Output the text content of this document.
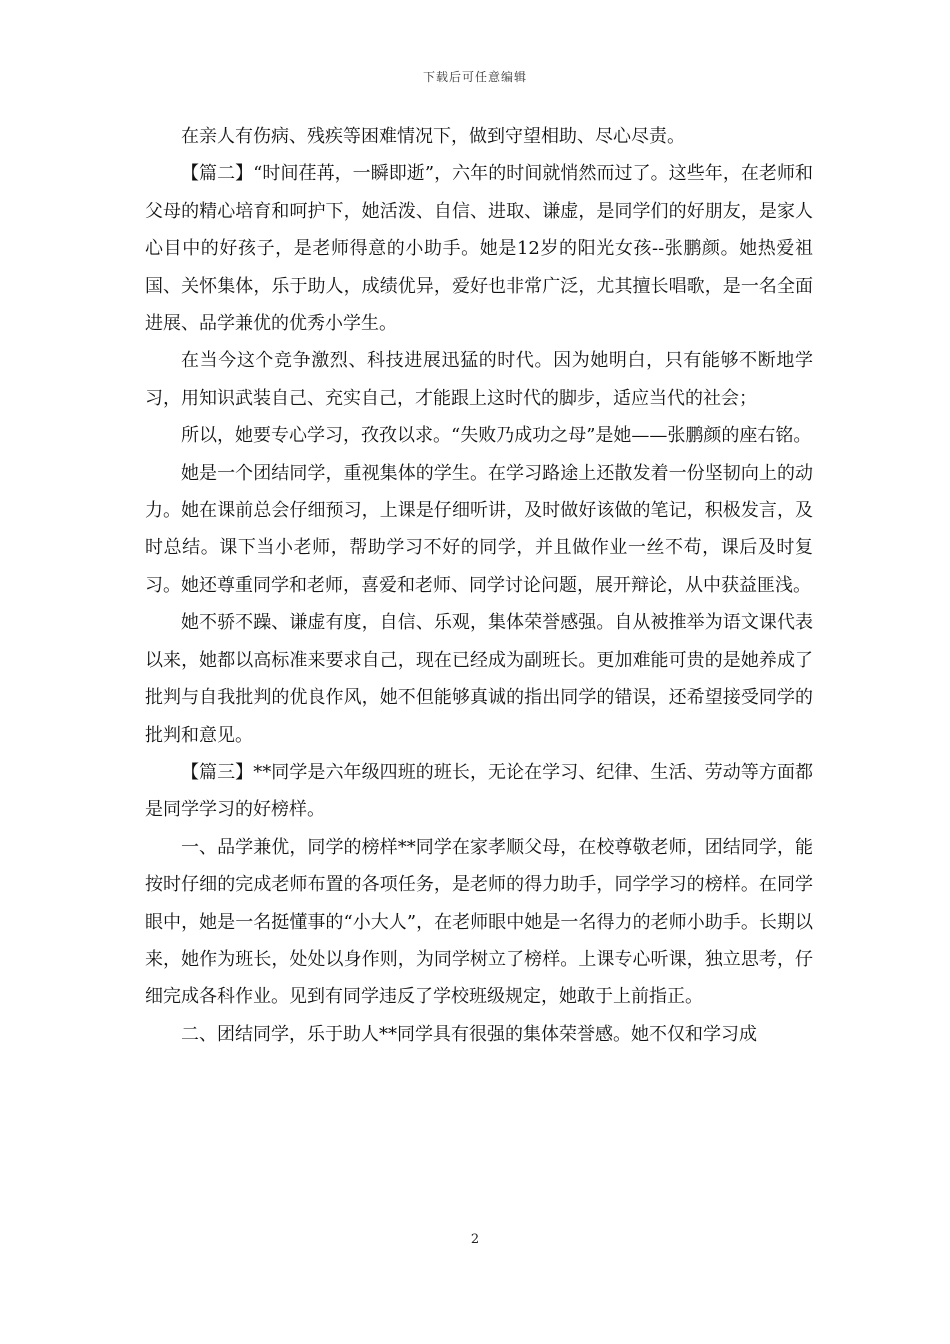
下载后可任意编辑

在亲人有伤病、残疾等困难情况下，做到守望相助、尽心尽责。

【篇二】“时间荏苒，一瞬即逝”，六年的时间就悄然而过了。这些年，在老师和父母的精心培育和呵护下，她活泼、自信、进取、谦虚，是同学们的好朋友，是家人心目中的好孩子，是老师得意的小助手。她是12岁的阳光女孩--张鹏颜。她热爱祖国、关怀集体，乐于助人，成绩优异，爱好也非常广泛，尤其擅长唱歌，是一名全面进展、品学兼优的优秀小学生。

在当今这个竞争激烈、科技进展迅猛的时代。因为她明白，只有能够不断地学习，用知识武装自己、充实自己，才能跟上这时代的脚步，适应当代的社会；

所以，她要专心学习，孜孜以求。“失败乃成功之母”是她——张鹏颜的座右铭。

她是一个团结同学，重视集体的学生。在学习路途上还散发着一份坚韧向上的动力。她在课前总会仔细预习，上课是仔细听讲，及时做好该做的笔记，积极发言，及时总结。课下当小老师，帮助学习不好的同学，并且做作业一丝不苟，课后及时复习。她还尊重同学和老师，喜爱和老师、同学讨论问题，展开辩论，从中获益匪浅。

她不骄不躁、谦虚有度，自信、乐观，集体荣誉感强。自从被推举为语文课代表以来，她都以高标准来要求自己，现在已经成为副班长。更加难能可贵的是她养成了批判与自我批判的优良作风，她不但能够真诚的指出同学的错误，还希望接受同学的批判和意见。

【篇三】**同学是六年级四班的班长，无论在学习、纪律、生活、劳动等方面都是同学学习的好榜样。

一、品学兼优，同学的榜样**同学在家孝顺父母，在校尊敬老师，团结同学，能按时仔细的完成老师布置的各项任务，是老师的得力助手，同学学习的榜样。在同学眼中，她是一名挺懂事的“小大人”，在老师眼中她是一名得力的老师小助手。长期以来，她作为班长，处处以身作则，为同学树立了榜样。上课专心听课，独立思考，仔细完成各科作业。见到有同学违反了学校班级规定，她敢于上前指正。

二、团结同学，乐于助人**同学具有很强的集体荣誉感。她不仅和学习成

2
